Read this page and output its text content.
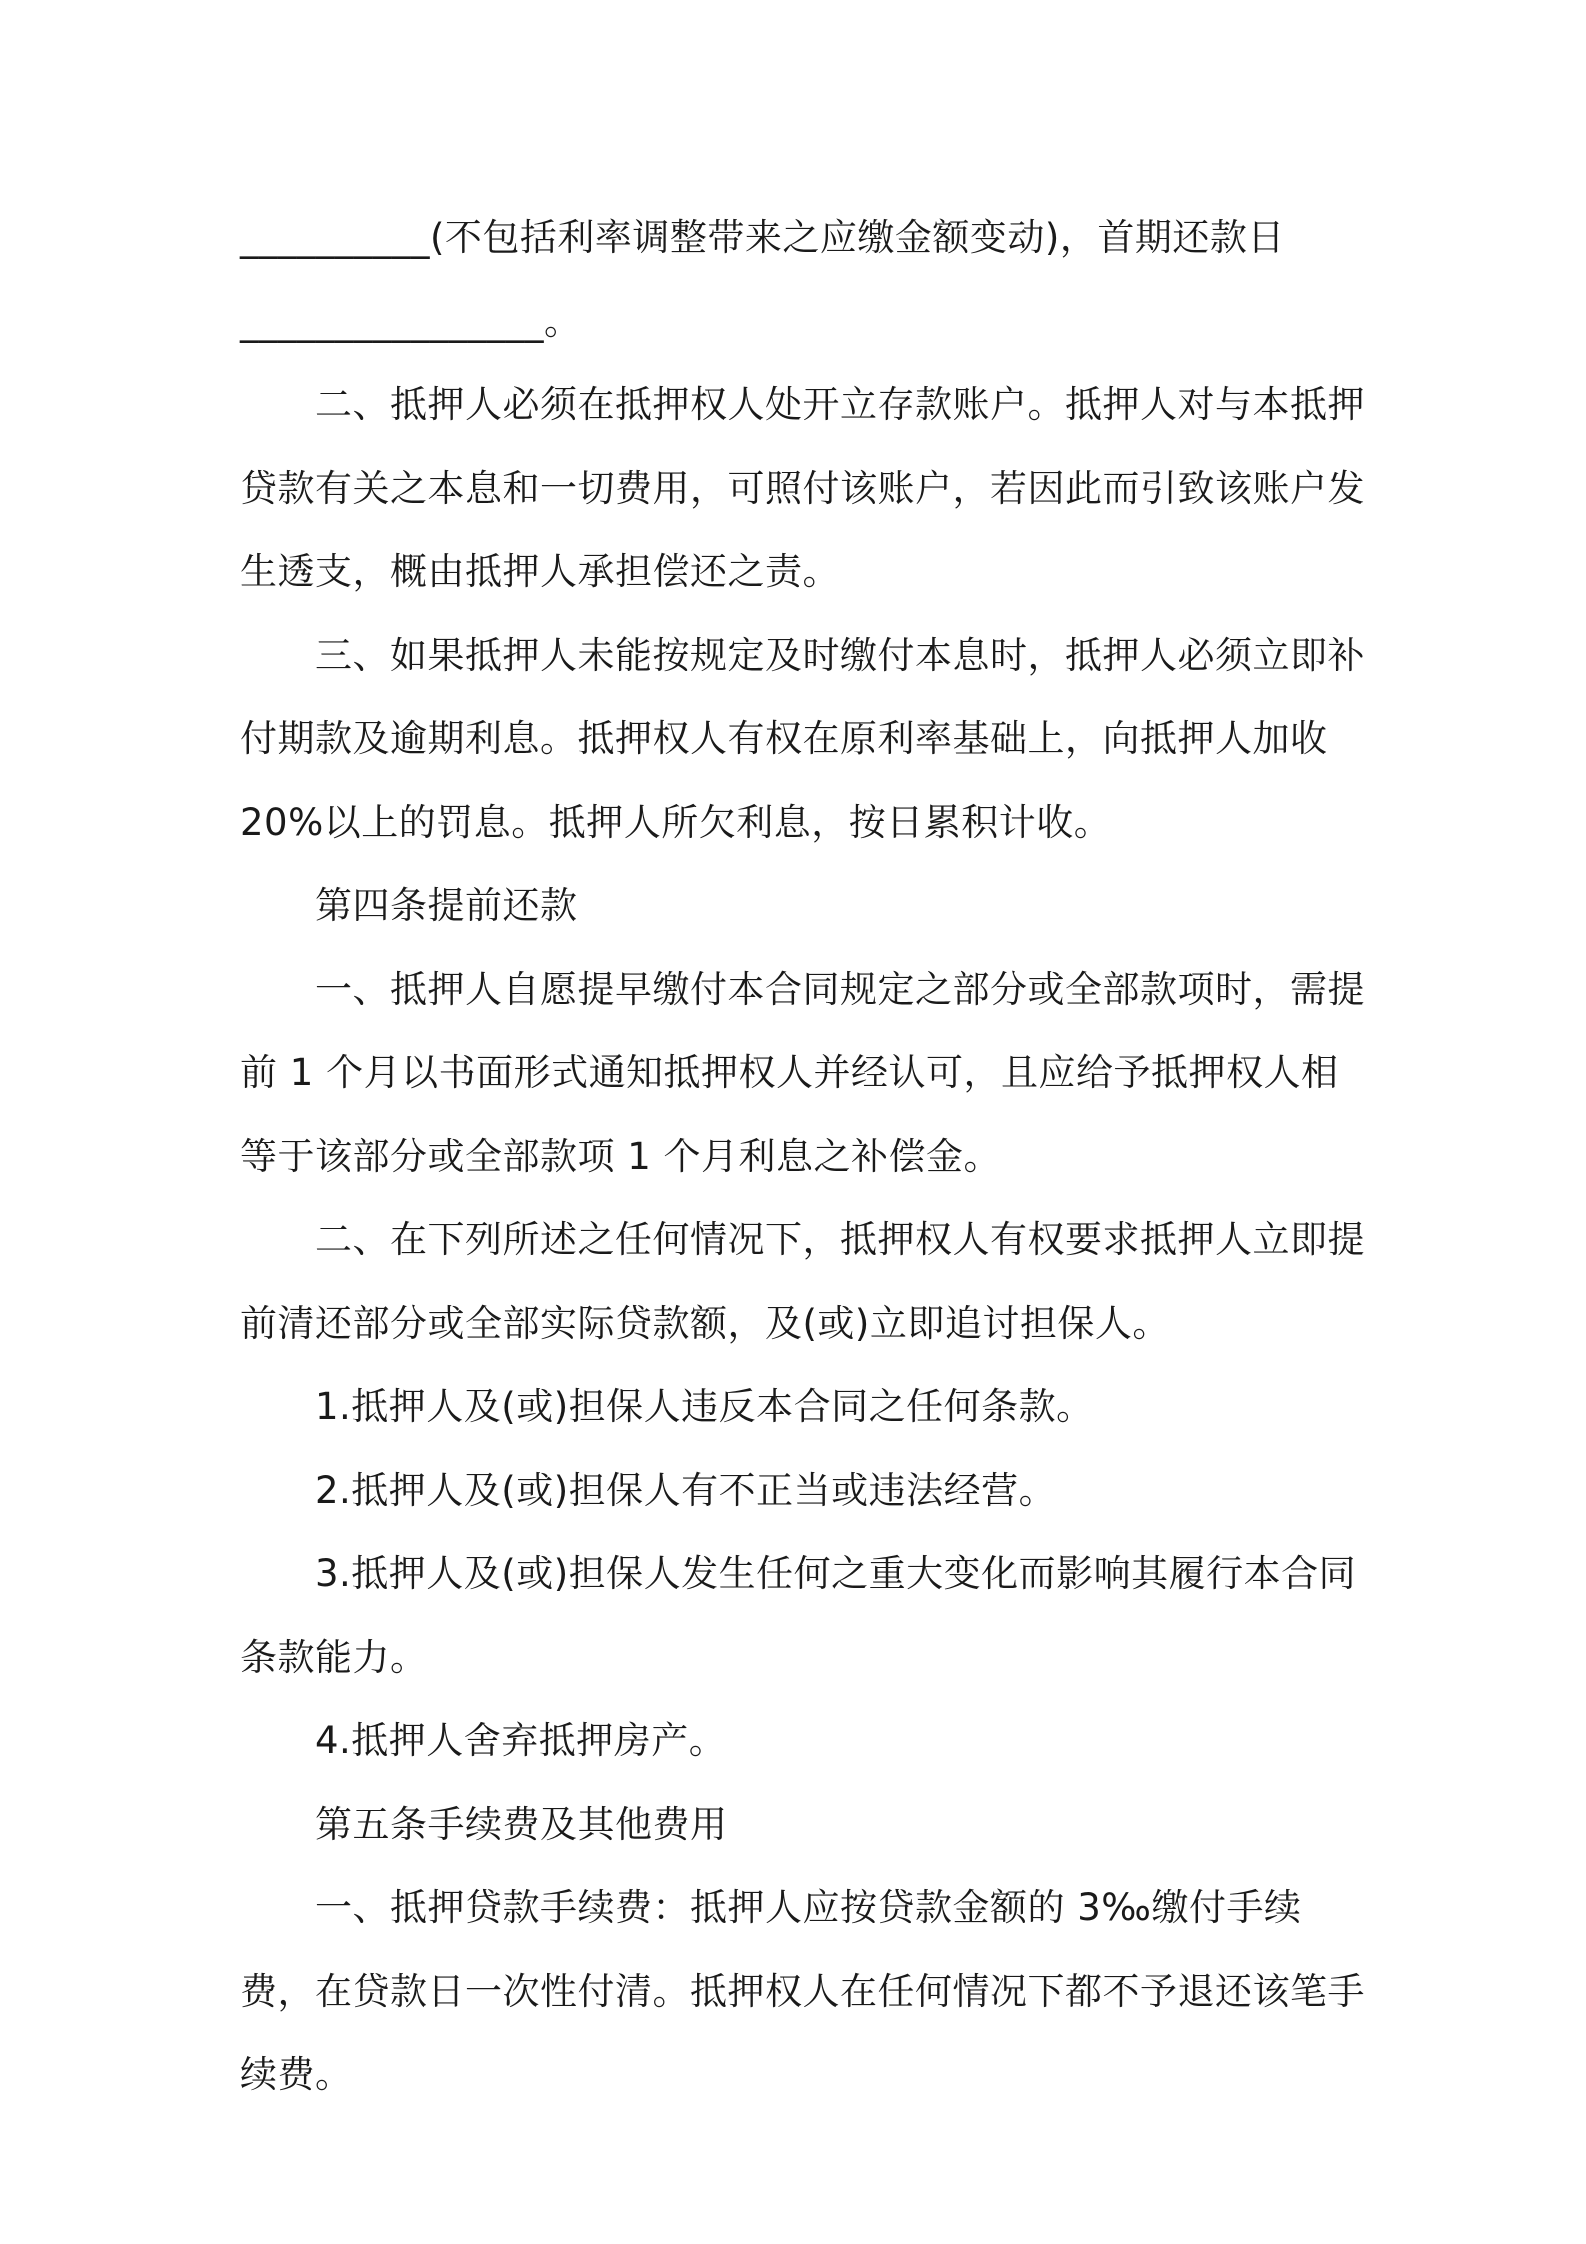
__________(不包括利率调整带来之应缴金额变动)，首期还款日________________。

二、抵押人必须在抵押权人处开立存款账户。抵押人对与本抵押贷款有关之本息和一切费用，可照付该账户，若因此而引致该账户发生透支，概由抵押人承担偿还之责。

三、如果抵押人未能按规定及时缴付本息时，抵押人必须立即补付期款及逾期利息。抵押权人有权在原利率基础上，向抵押人加收20%以上的罚息。抵押人所欠利息，按日累积计收。

第四条提前还款

一、抵押人自愿提早缴付本合同规定之部分或全部款项时，需提前 1 个月以书面形式通知抵押权人并经认可，且应给予抵押权人相等于该部分或全部款项 1 个月利息之补偿金。

二、在下列所述之任何情况下，抵押权人有权要求抵押人立即提前清还部分或全部实际贷款额，及(或)立即追讨担保人。

1.抵押人及(或)担保人违反本合同之任何条款。

2.抵押人及(或)担保人有不正当或违法经营。

3.抵押人及(或)担保人发生任何之重大变化而影响其履行本合同条款能力。

4.抵押人舍弃抵押房产。

第五条手续费及其他费用

一、抵押贷款手续费：抵押人应按贷款金额的 3‰缴付手续费，在贷款日一次性付清。抵押权人在任何情况下都不予退还该笔手续费。
